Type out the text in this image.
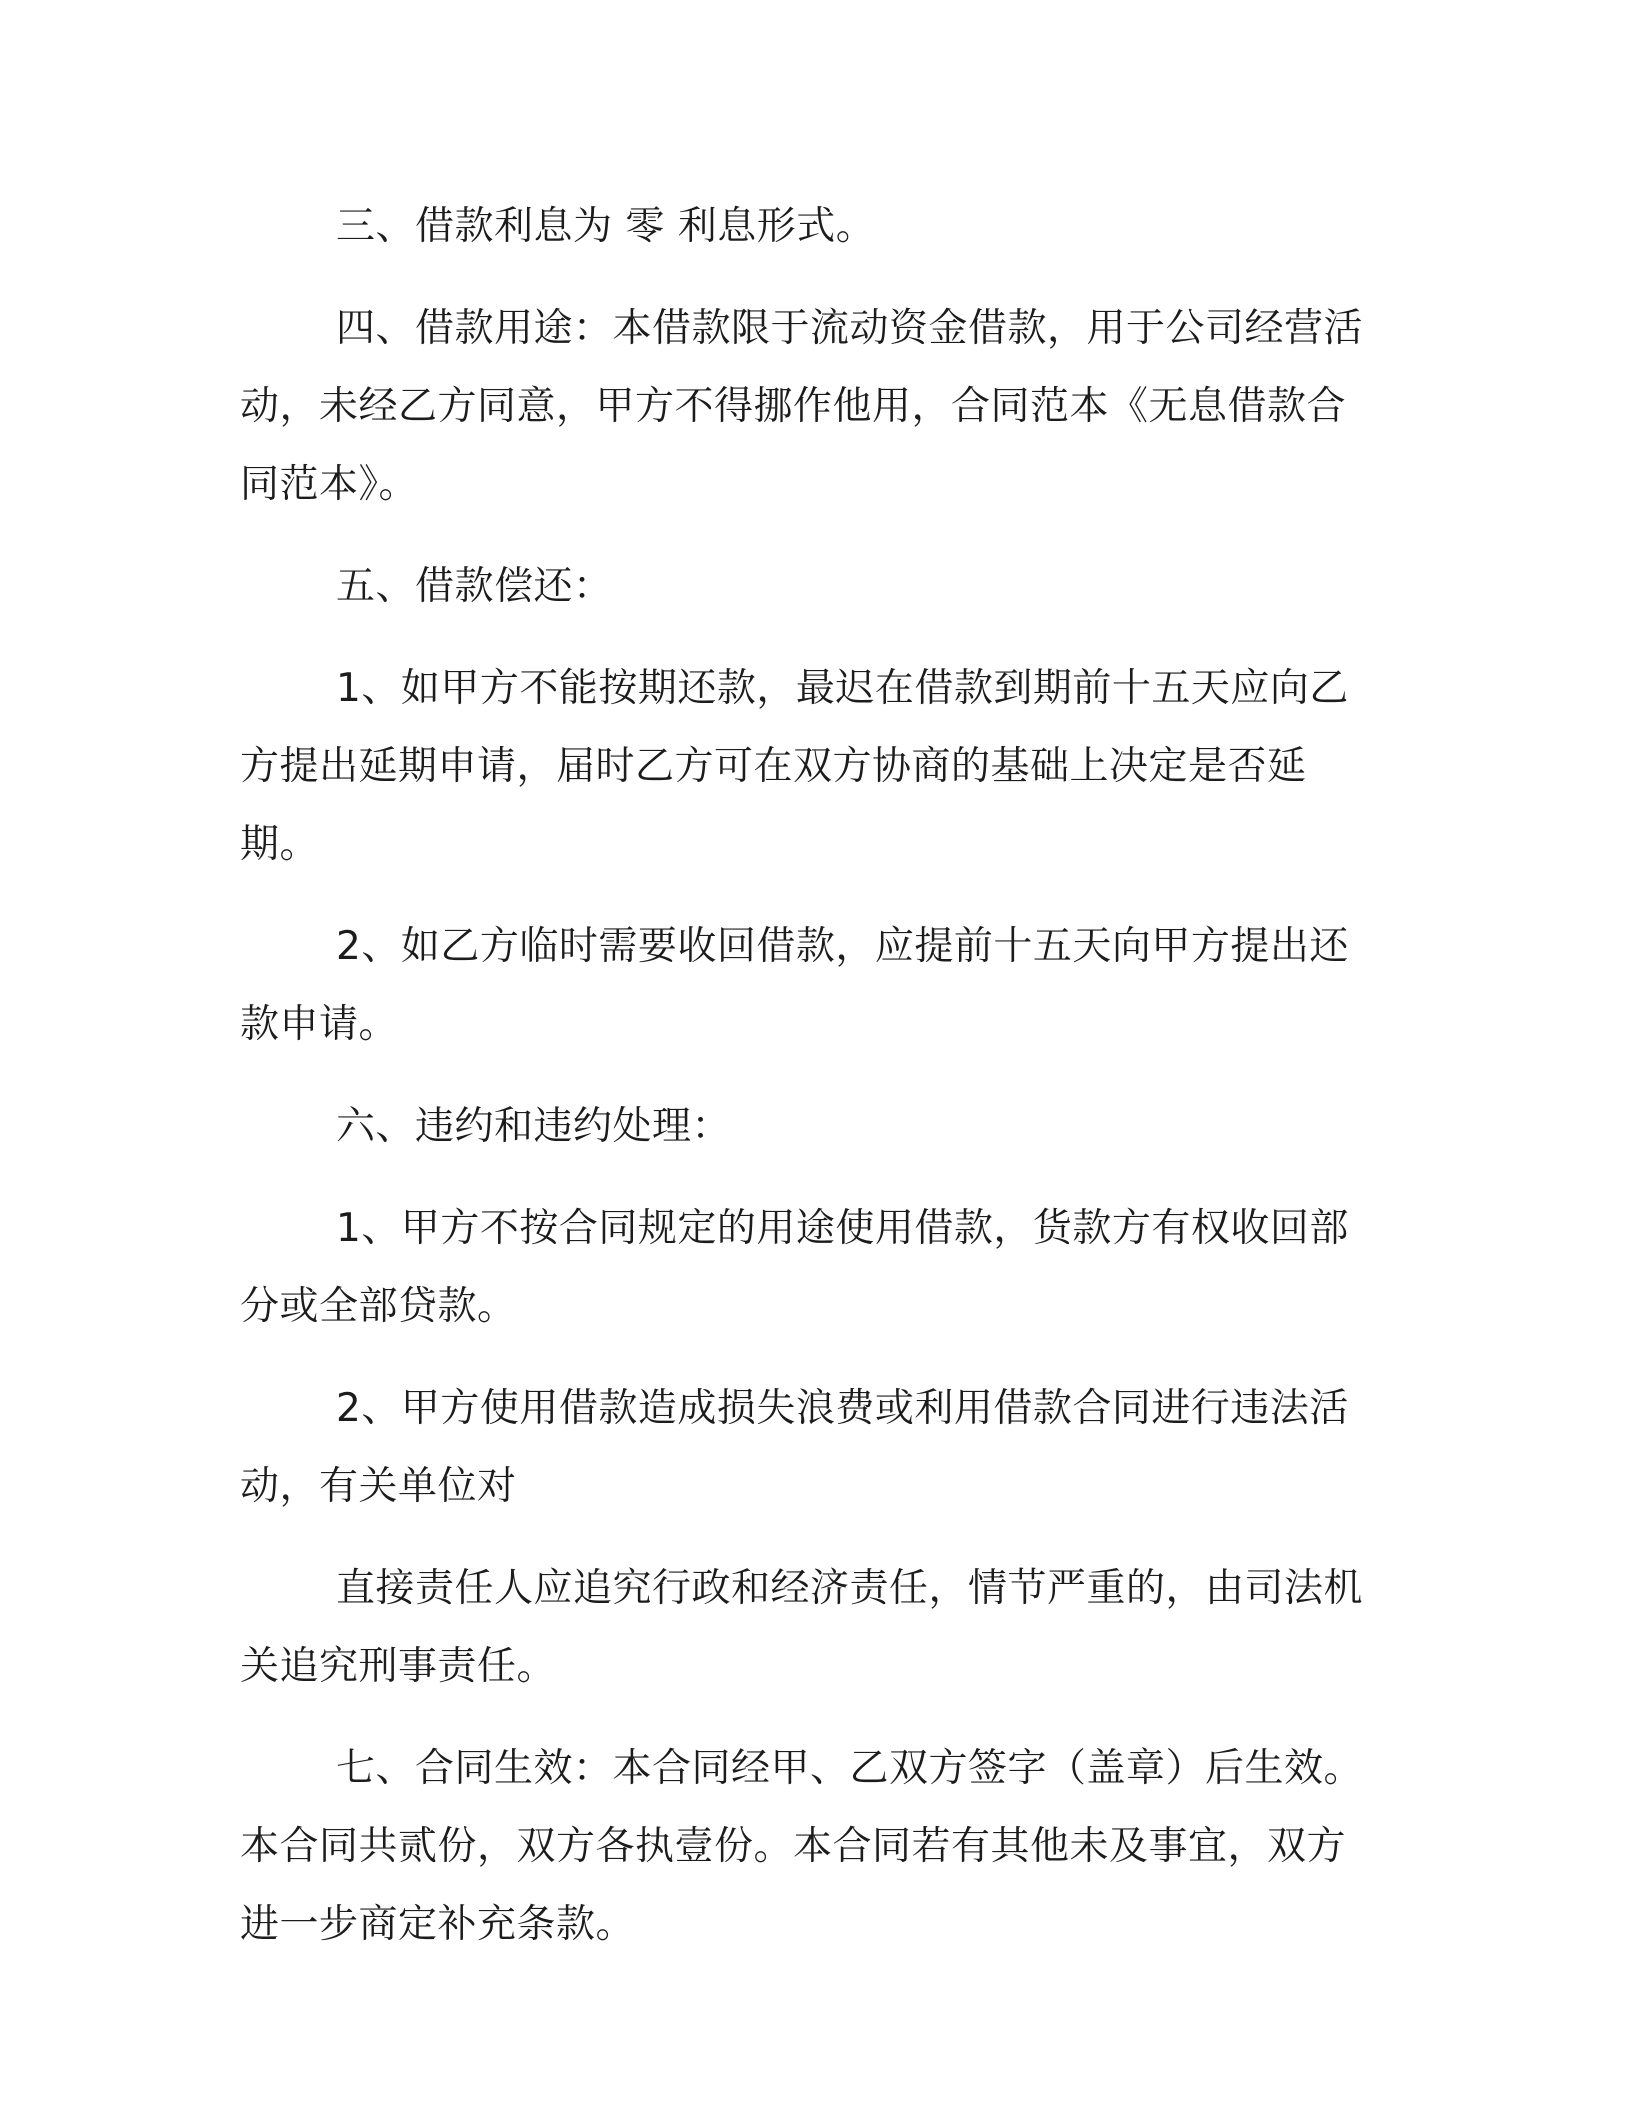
三、借款利息为 零 利息形式。

四、借款用途：本借款限于流动资金借款，用于公司经营活动，未经乙方同意，甲方不得挪作他用，合同范本《无息借款合同范本》。

五、借款偿还：

1、如甲方不能按期还款，最迟在借款到期前十五天应向乙方提出延期申请，届时乙方可在双方协商的基础上决定是否延期。

2、如乙方临时需要收回借款，应提前十五天向甲方提出还款申请。

六、违约和违约处理：

1、甲方不按合同规定的用途使用借款，货款方有权收回部分或全部贷款。

2、甲方使用借款造成损失浪费或利用借款合同进行违法活动，有关单位对

直接责任人应追究行政和经济责任，情节严重的，由司法机关追究刑事责任。

七、合同生效：本合同经甲、乙双方签字（盖章）后生效。本合同共贰份，双方各执壹份。本合同若有其他未及事宜，双方进一步商定补充条款。
